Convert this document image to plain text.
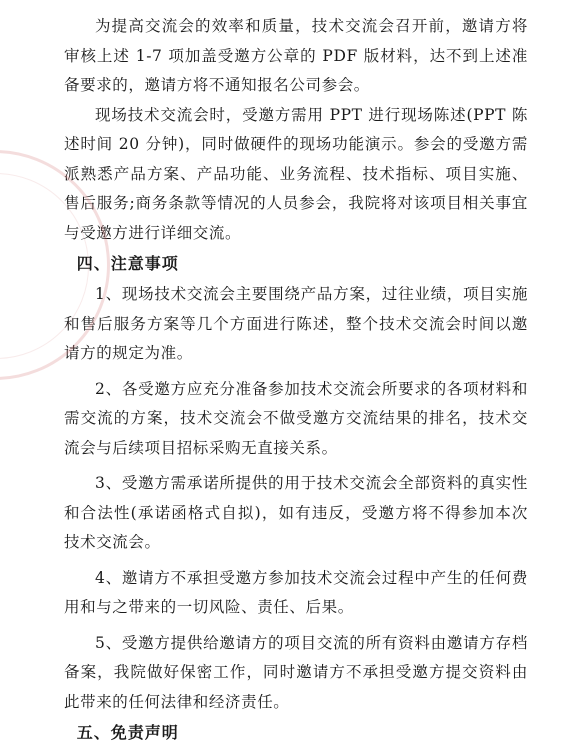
为提高交流会的效率和质量，技术交流会召开前，邀请方将审核上述 1-7 项加盖受邀方公章的 PDF 版材料，达不到上述准备要求的，邀请方将不通知报名公司参会。

现场技术交流会时，受邀方需用 PPT 进行现场陈述(PPT 陈述时间 20 分钟)，同时做硬件的现场功能演示。参会的受邀方需派熟悉产品方案、产品功能、业务流程、技术指标、项目实施、售后服务;商务条款等情况的人员参会，我院将对该项目相关事宜与受邀方进行详细交流。

四、注意事项

1、现场技术交流会主要围绕产品方案，过往业绩，项目实施和售后服务方案等几个方面进行陈述，整个技术交流会时间以邀请方的规定为准。

2、各受邀方应充分准备参加技术交流会所要求的各项材料和需交流的方案，技术交流会不做受邀方交流结果的排名，技术交流会与后续项目招标采购无直接关系。

3、受邀方需承诺所提供的用于技术交流会全部资料的真实性和合法性(承诺函格式自拟)，如有违反，受邀方将不得参加本次技术交流会。

4、邀请方不承担受邀方参加技术交流会过程中产生的任何费用和与之带来的一切风险、责任、后果。

5、受邀方提供给邀请方的项目交流的所有资料由邀请方存档备案，我院做好保密工作，同时邀请方不承担受邀方提交资料由此带来的任何法律和经济责任。

五、免责声明
